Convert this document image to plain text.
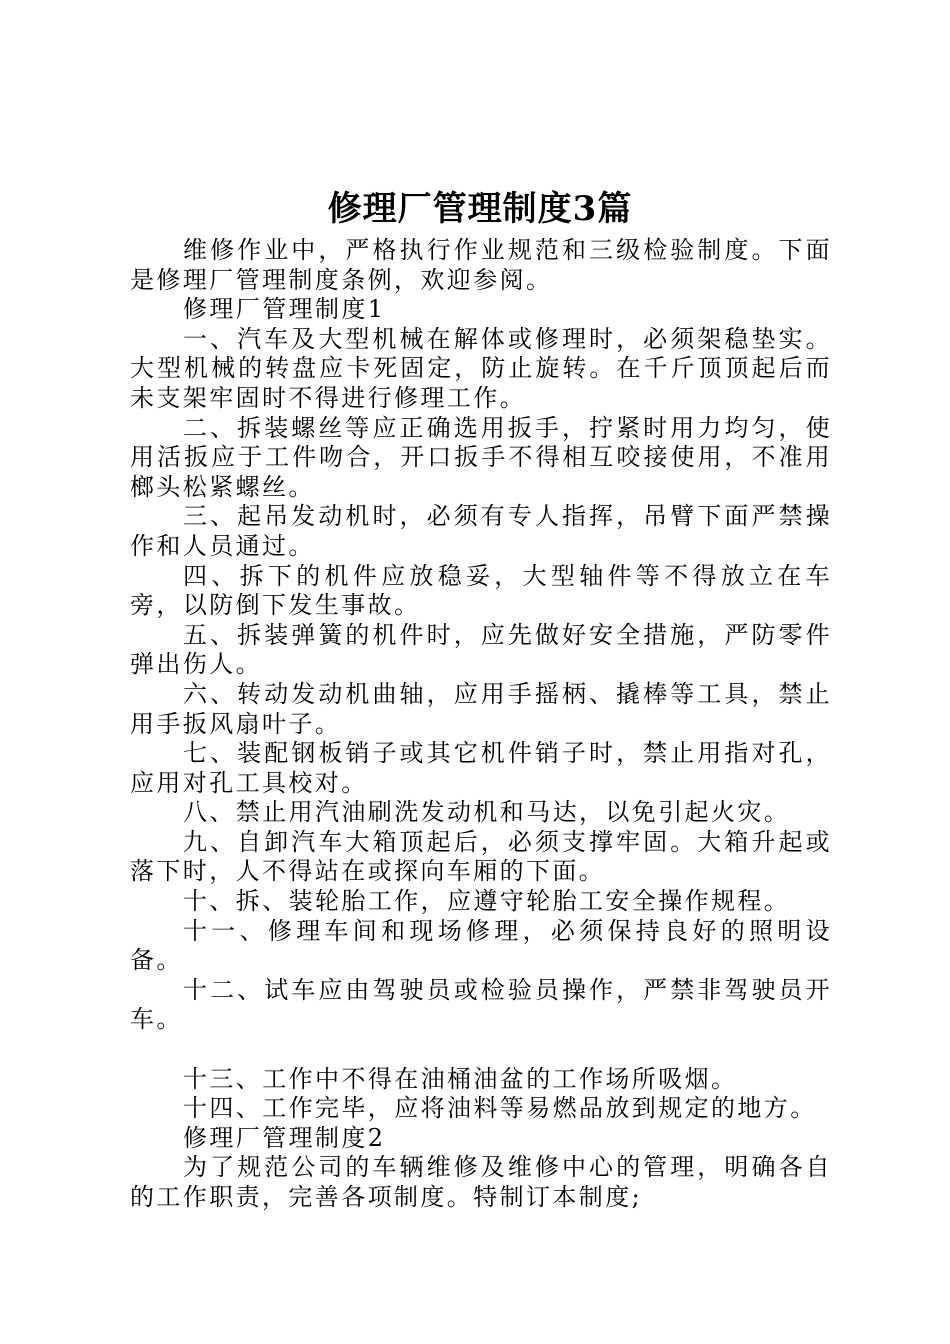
修理厂管理制度3篇

维修作业中，严格执行作业规范和三级检验制度。下面是修理厂管理制度条例，欢迎参阅。

修理厂管理制度1

一、汽车及大型机械在解体或修理时，必须架稳垫实。大型机械的转盘应卡死固定，防止旋转。在千斤顶顶起后而未支架牢固时不得进行修理工作。

二、拆装螺丝等应正确选用扳手，拧紧时用力均匀，使用活扳应于工件吻合，开口扳手不得相互咬接使用，不准用榔头松紧螺丝。

三、起吊发动机时，必须有专人指挥，吊臂下面严禁操作和人员通过。

四、拆下的机件应放稳妥，大型轴件等不得放立在车旁，以防倒下发生事故。

五、拆装弹簧的机件时，应先做好安全措施，严防零件弹出伤人。

六、转动发动机曲轴，应用手摇柄、撬棒等工具，禁止用手扳风扇叶子。

七、装配钢板销子或其它机件销子时，禁止用指对孔，应用对孔工具校对。

八、禁止用汽油刷洗发动机和马达，以免引起火灾。

九、自卸汽车大箱顶起后，必须支撑牢固。大箱升起或落下时，人不得站在或探向车厢的下面。

十、拆、装轮胎工作，应遵守轮胎工安全操作规程。

十一、修理车间和现场修理，必须保持良好的照明设备。

十二、试车应由驾驶员或检验员操作，严禁非驾驶员开车。

十三、工作中不得在油桶油盆的工作场所吸烟。

十四、工作完毕，应将油料等易燃品放到规定的地方。

修理厂管理制度2

为了规范公司的车辆维修及维修中心的管理，明确各自的工作职责，完善各项制度。特制订本制度;
